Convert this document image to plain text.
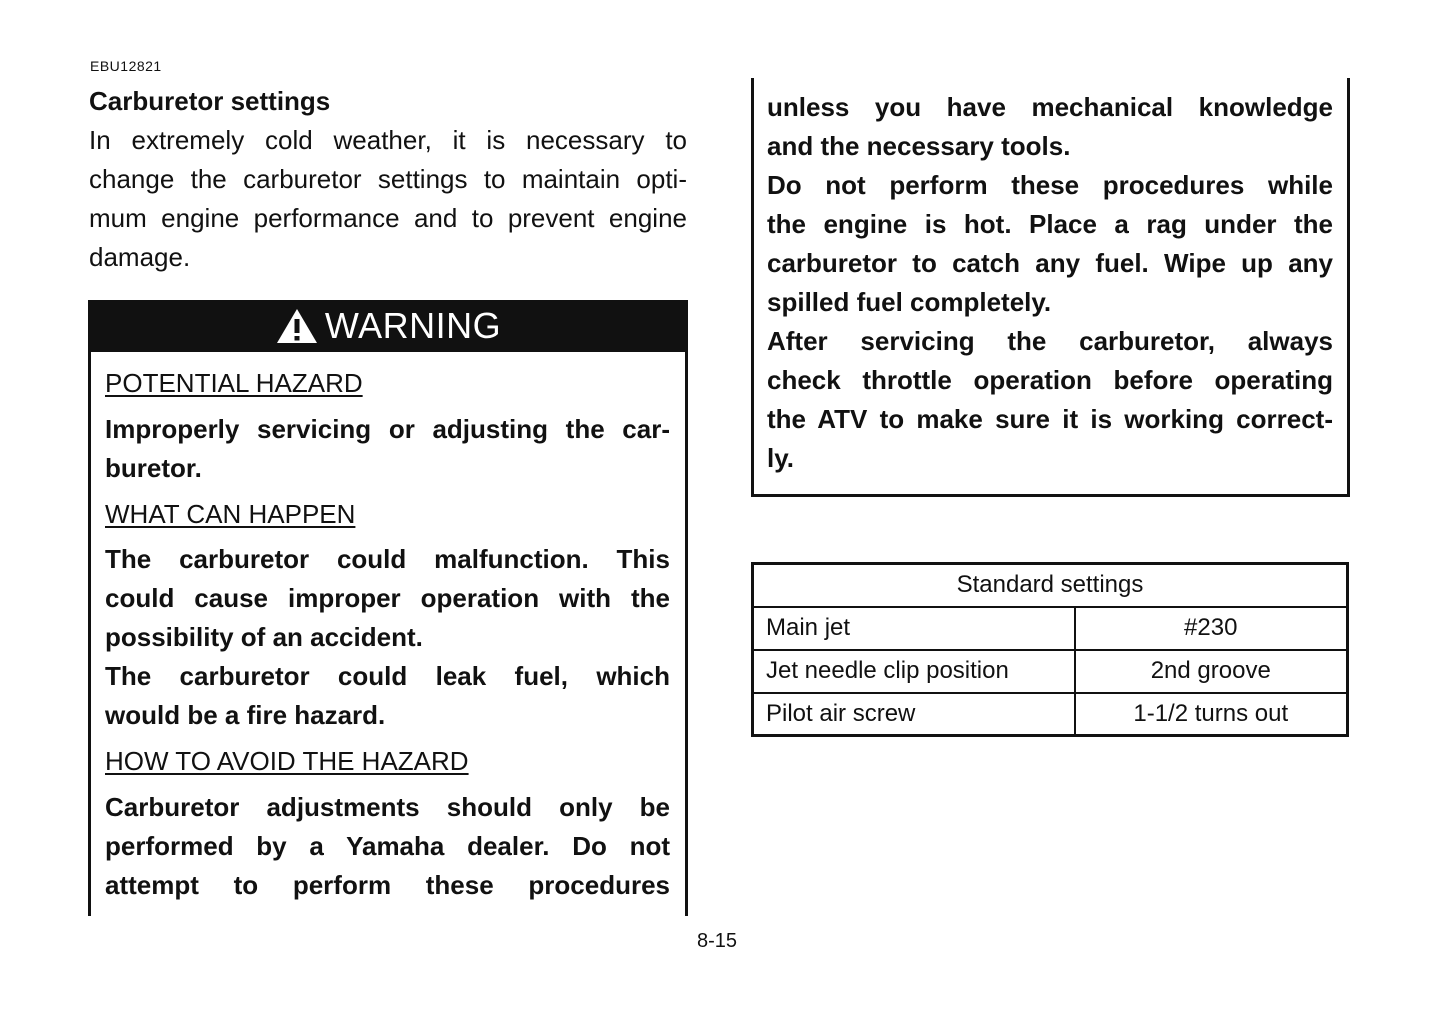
EBU12821
Carburetor settings
In extremely cold weather, it is necessary to
change the carburetor settings to maintain opti-
mum engine performance and to prevent engine
damage.
WARNING
POTENTIAL HAZARD
Improperly servicing or adjusting the car-
buretor.
WHAT CAN HAPPEN
The carburetor could malfunction. This
could cause improper operation with the
possibility of an accident.
The carburetor could leak fuel, which
would be a fire hazard.
HOW TO AVOID THE HAZARD
Carburetor adjustments should only be
performed by a Yamaha dealer. Do not
attempt to perform these procedures
unless you have mechanical knowledge
and the necessary tools.
Do not perform these procedures while
the engine is hot. Place a rag under the
carburetor to catch any fuel. Wipe up any
spilled fuel completely.
After servicing the carburetor, always
check throttle operation before operating
the ATV to make sure it is working correct-
ly.
Standard settings	
Main jet	#230
Jet needle clip position	2nd groove
Pilot air screw	1-1/2 turns out
8-15
